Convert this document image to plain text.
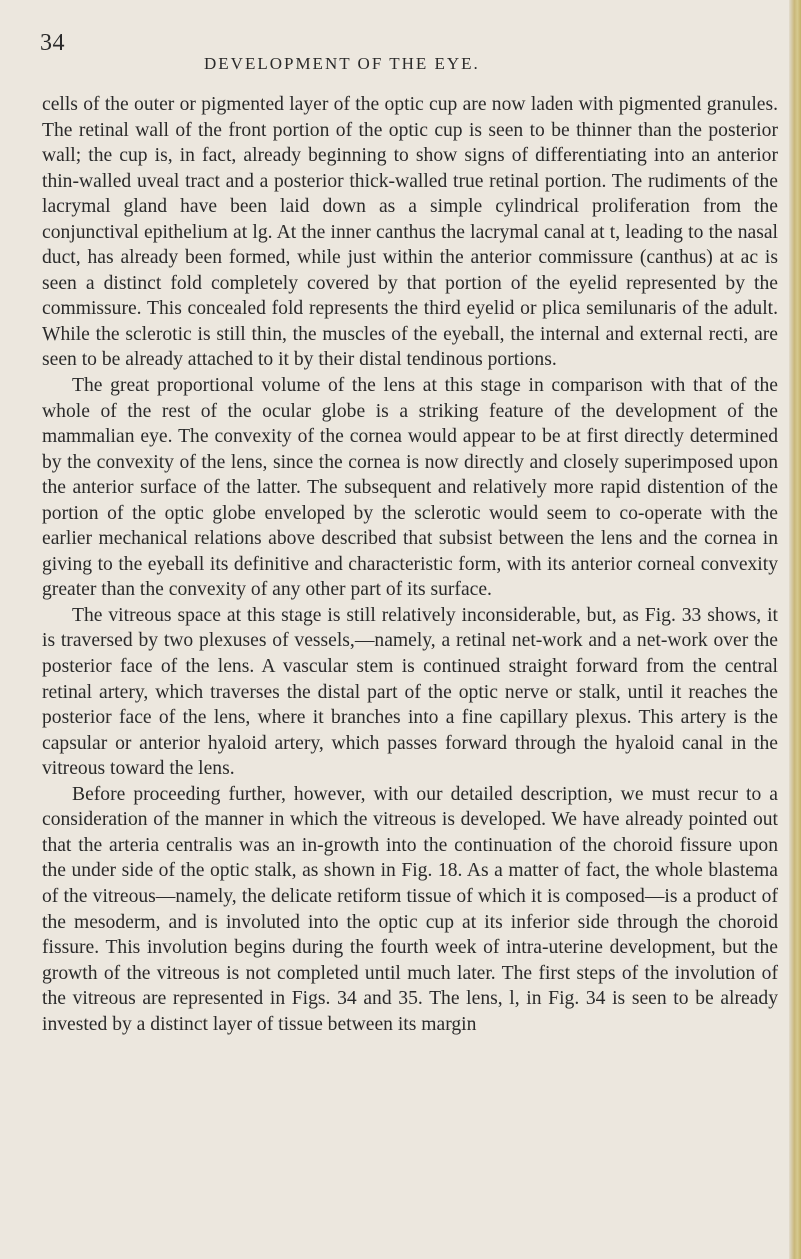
34
DEVELOPMENT OF THE EYE.

cells of the outer or pigmented layer of the optic cup are now laden with pigmented granules. The retinal wall of the front portion of the optic cup is seen to be thinner than the posterior wall; the cup is, in fact, already beginning to show signs of differentiating into an anterior thin-walled uveal tract and a posterior thick-walled true retinal portion. The rudiments of the lacrymal gland have been laid down as a simple cylindrical proliferation from the conjunctival epithelium at lg. At the inner canthus the lacrymal canal at t, leading to the nasal duct, has already been formed, while just within the anterior commissure (canthus) at ac is seen a distinct fold completely covered by that portion of the eyelid represented by the commissure. This concealed fold represents the third eyelid or plica semilunaris of the adult. While the sclerotic is still thin, the muscles of the eyeball, the internal and external recti, are seen to be already attached to it by their distal tendinous portions.

The great proportional volume of the lens at this stage in comparison with that of the whole of the rest of the ocular globe is a striking feature of the development of the mammalian eye. The convexity of the cornea would appear to be at first directly determined by the convexity of the lens, since the cornea is now directly and closely superimposed upon the anterior surface of the latter. The subsequent and relatively more rapid distention of the portion of the optic globe enveloped by the sclerotic would seem to co-operate with the earlier mechanical relations above described that subsist between the lens and the cornea in giving to the eyeball its definitive and characteristic form, with its anterior corneal convexity greater than the convexity of any other part of its surface.

The vitreous space at this stage is still relatively inconsiderable, but, as Fig. 33 shows, it is traversed by two plexuses of vessels,—namely, a retinal net-work and a net-work over the posterior face of the lens. A vascular stem is continued straight forward from the central retinal artery, which traverses the distal part of the optic nerve or stalk, until it reaches the posterior face of the lens, where it branches into a fine capillary plexus. This artery is the capsular or anterior hyaloid artery, which passes forward through the hyaloid canal in the vitreous toward the lens.

Before proceeding further, however, with our detailed description, we must recur to a consideration of the manner in which the vitreous is developed. We have already pointed out that the arteria centralis was an in-growth into the continuation of the choroid fissure upon the under side of the optic stalk, as shown in Fig. 18. As a matter of fact, the whole blastema of the vitreous—namely, the delicate retiform tissue of which it is composed—is a product of the mesoderm, and is involuted into the optic cup at its inferior side through the choroid fissure. This involution begins during the fourth week of intra-uterine development, but the growth of the vitreous is not completed until much later. The first steps of the involution of the vitreous are represented in Figs. 34 and 35. The lens, l, in Fig. 34 is seen to be already invested by a distinct layer of tissue between its margin
